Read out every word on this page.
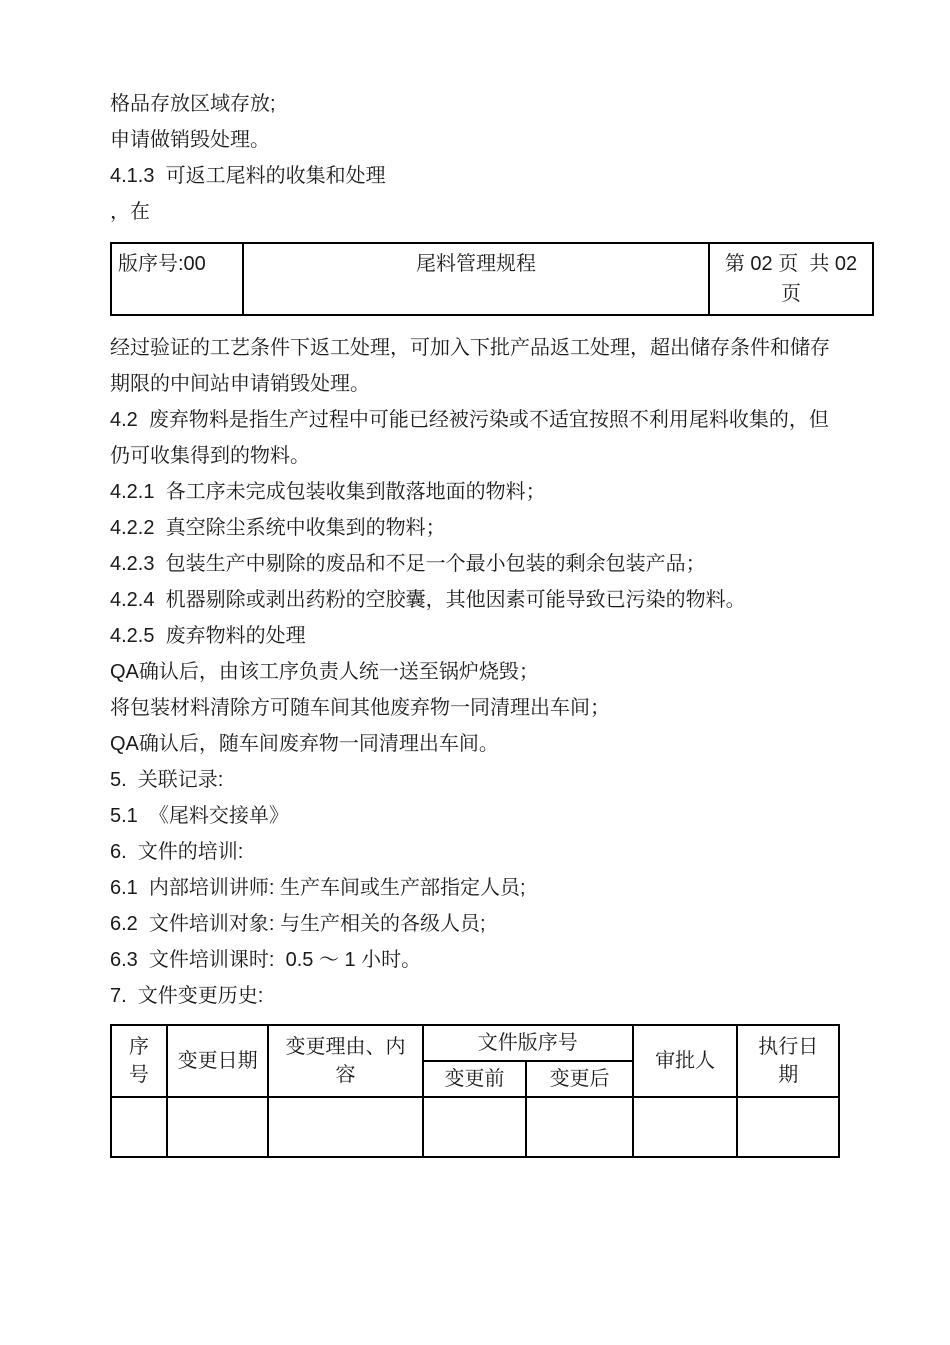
格品存放区域存放;

申请做销毁处理。

4.1.3  可返工尾料的收集和处理

，在

版序号:00	尾料管理规程	第 02 页  共 02 页

经过验证的工艺条件下返工处理，可加入下批产品返工处理，超出储存条件和储存期限的中间站申请销毁处理。

4.2  废弃物料是指生产过程中可能已经被污染或不适宜按照不利用尾料收集的，但仍可收集得到的物料。

4.2.1  各工序未完成包装收集到散落地面的物料；

4.2.2  真空除尘系统中收集到的物料；

4.2.3  包装生产中剔除的废品和不足一个最小包装的剩余包装产品；

4.2.4  机器剔除或剥出药粉的空胶囊，其他因素可能导致已污染的物料。

4.2.5  废弃物料的处理

QA确认后，由该工序负责人统一送至锅炉烧毁；

将包装材料清除方可随车间其他废弃物一同清理出车间；

QA确认后，随车间废弃物一同清理出车间。

5.  关联记录:

5.1  《尾料交接单》

6.  文件的培训:

6.1  内部培训讲师: 生产车间或生产部指定人员;

6.2  文件培训对象: 与生产相关的各级人员;

6.3  文件培训课时:  0.5 ～ 1 小时。

7.  文件变更历史:

序号	变更日期	变更理由、内容	文件版序号		审批人	执行日期
			变更前	变更后		
